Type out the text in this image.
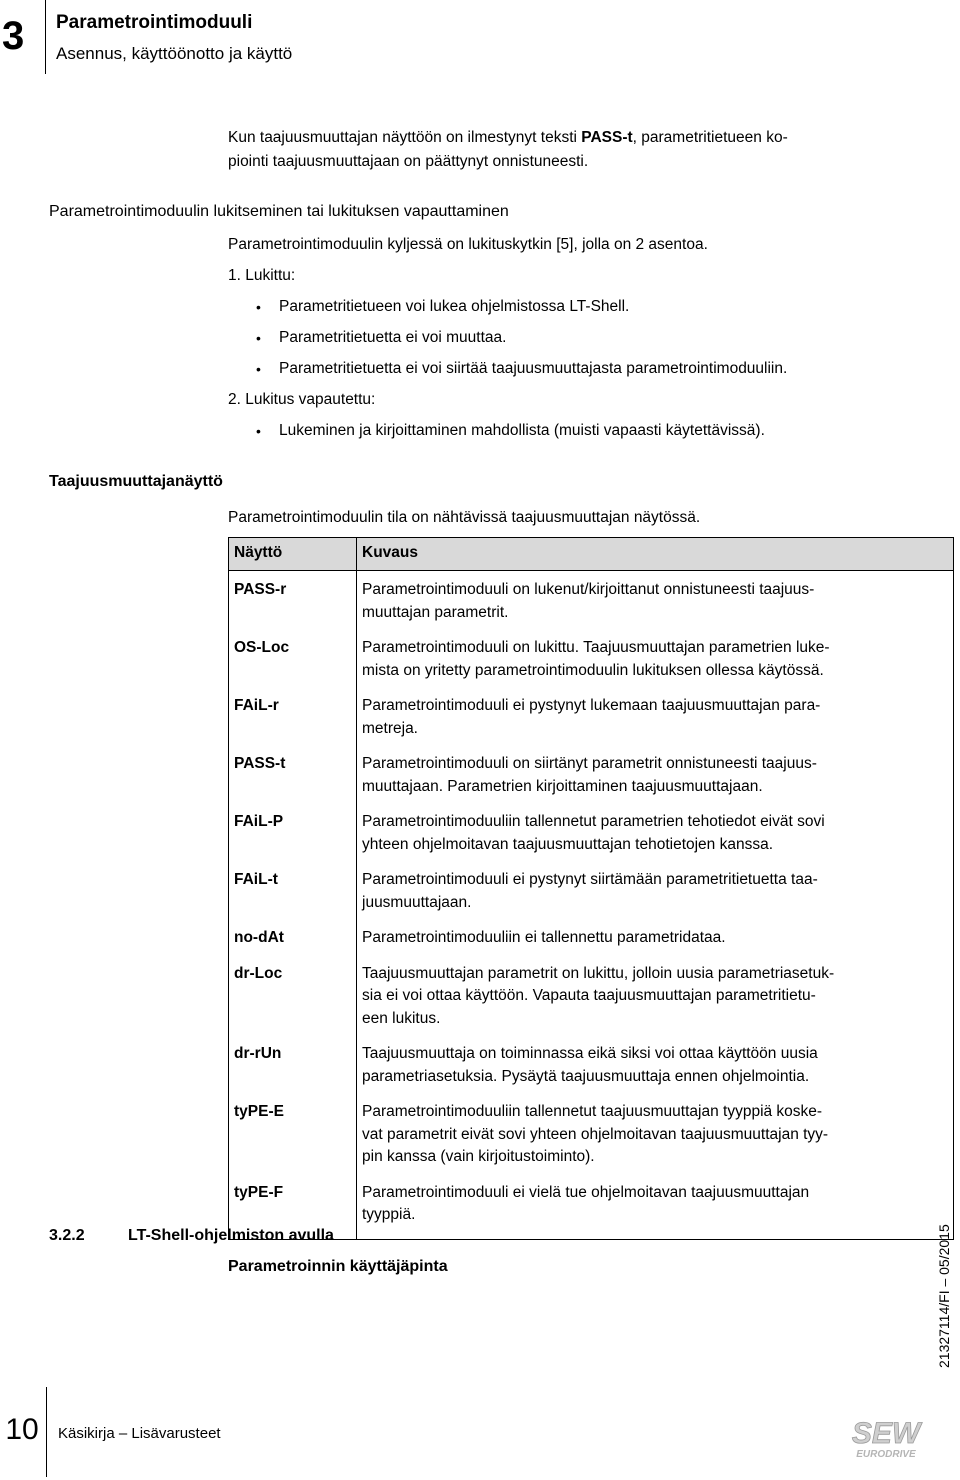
3	Parametrointimoduuli
Asennus, käyttöönotto ja käyttö
Kun taajuusmuuttajan näyttöön on ilmestynyt teksti PASS-t, parametritietueen ko-
piointi taajuusmuuttajaan on päättynyt onnistuneesti.
Parametrointimoduulin lukitseminen tai lukituksen vapauttaminen
Parametrointimoduulin kyljessä on lukituskytkin [5], jolla on 2 asentoa.
1. Lukittu:
• Parametritietueen voi lukea ohjelmistossa LT-Shell.
• Parametritietuetta ei voi muuttaa.
• Parametritietuetta ei voi siirtää taajuusmuuttajasta parametrointimoduuliin.
2. Lukitus vapautettu:
• Lukeminen ja kirjoittaminen mahdollista (muisti vapaasti käytettävissä).
Taajuusmuuttajanäyttö
Parametrointimoduulin tila on nähtävissä taajuusmuuttajan näytössä.
Näyttö	Kuvaus
PASS-r	Parametrointimoduuli on lukenut/kirjoittanut onnistuneesti taajuus-
muuttajan parametrit.
OS-Loc	Parametrointimoduuli on lukittu. Taajuusmuuttajan parametrien luke-
mista on yritetty parametrointimoduulin lukituksen ollessa käytössä.
FAiL-r	Parametrointimoduuli ei pystynyt lukemaan taajuusmuuttajan para-
metreja.
PASS-t	Parametrointimoduuli on siirtänyt parametrit onnistuneesti taajuus-
muuttajaan. Parametrien kirjoittaminen taajuusmuuttajaan.
FAiL-P	Parametrointimoduuliin tallennetut parametrien tehotiedot eivät sovi
yhteen ohjelmoitavan taajuusmuuttajan tehotietojen kanssa.
FAiL-t	Parametrointimoduuli ei pystynyt siirtämään parametritietuetta taa-
juusmuuttajaan.
no-dAt	Parametrointimoduuliin ei tallennettu parametridataa.
dr-Loc	Taajuusmuuttajan parametrit on lukittu, jolloin uusia parametriasetuk-
sia ei voi ottaa käyttöön. Vapauta taajuusmuuttajan parametritietu-
een lukitus.
dr-rUn	Taajuusmuuttaja on toiminnassa eikä siksi voi ottaa käyttöön uusia
parametriasetuksia. Pysäytä taajuusmuuttaja ennen ohjelmointia.
tyPE-E	Parametrointimoduuliin tallennetut taajuusmuuttajan tyyppiä koske-
vat parametrit eivät sovi yhteen ohjelmoitavan taajuusmuuttajan tyy-
pin kanssa (vain kirjoitustoiminto).
tyPE-F	Parametrointimoduuli ei vielä tue ohjelmoitavan taajuusmuuttajan
tyyppiä.
3.2.2	LT-Shell-ohjelmiston avulla
Parametroinnin käyttäjäpinta	21327114/FI – 05/2015
10	Käsikirja – Lisävarusteet	SEW
EURODRIVE
